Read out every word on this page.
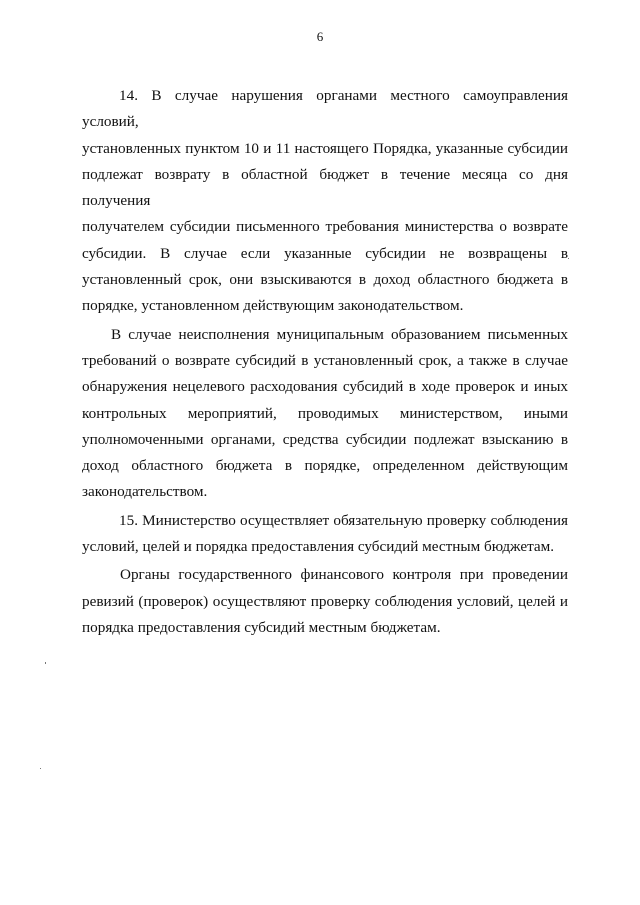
6

14. В случае нарушения органами местного самоуправления условий,
установленных пунктом 10 и 11 настоящего Порядка, указанные субсидии
подлежат возврату в областной бюджет в течение месяца со дня получения
получателем субсидии письменного требования министерства о возврате
субсидии. В случае если указанные субсидии не возвращены в
установленный срок, они взыскиваются в доход областного бюджета в
порядке, установленном действующим законодательством.

В случае неисполнения муниципальным образованием письменных
требований о возврате субсидий в установленный срок, а также в случае
обнаружения нецелевого расходования субсидий в ходе проверок и иных
контрольных мероприятий, проводимых министерством, иными
уполномоченными органами, средства субсидии подлежат взысканию в
доход областного бюджета в порядке, определенном действующим
законодательством.

15. Министерство осуществляет обязательную проверку соблюдения
условий, целей и порядка предоставления субсидий местным бюджетам.

Органы государственного финансового контроля при проведении
ревизий (проверок) осуществляют проверку соблюдения условий, целей и
порядка предоставления субсидий местным бюджетам.
